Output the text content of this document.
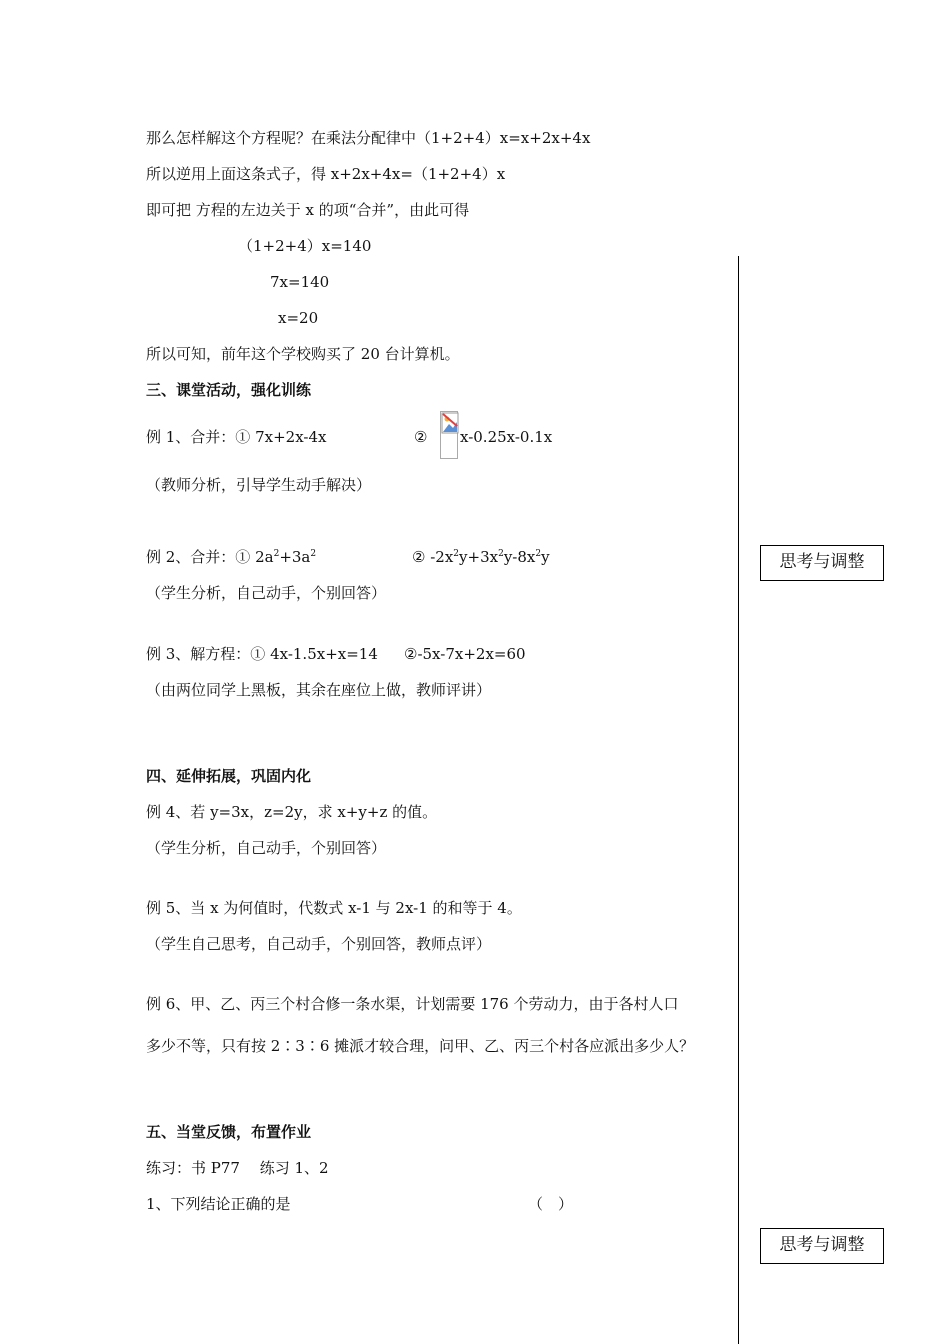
那么怎样解这个方程呢？在乘法分配律中（1+2+4）x=x+2x+4x
所以逆用上面这条式子，得 x+2x+4x=（1+2+4）x
即可把 方程的左边关于 x 的项“合并”，由此可得
（1+2+4）x=140
7x=140
x=20
所以可知，前年这个学校购买了 20 台计算机。
三、课堂活动，强化训练
例 1、合并：① 7x+2x-4x	② x-0.25x-0.1x
（教师分析，引导学生动手解决）
例 2、合并：① $2a^2+3a^2$	② $-2x^2y+3x^2y-8x^2y$
（学生分析，自己动手，个别回答）
例 3、解方程：① 4x-1.5x+x=14 ②-5x-7x+2x=60
（由两位同学上黑板，其余在座位上做，教师评讲）
四、延伸拓展，巩固内化
例 4、若 y=3x，z=2y，求 x+y+z 的值。
（学生分析，自己动手，个别回答）
例 5、当 x 为何值时，代数式 x-1 与 2x-1 的和等于 4。
（学生自己思考，自己动手，个别回答，教师点评）
例 6、甲、乙、丙三个村合修一条水渠，计划需要 176 个劳动力，由于各村人口
多少不等，只有按 2∶3∶6 摊派才较合理，问甲、乙、丙三个村各应派出多少人？
五、当堂反馈，布置作业
练习：书 P77　 练习 1、2
1、下列结论正确的是	（　）
思考与调整
思考与调整
